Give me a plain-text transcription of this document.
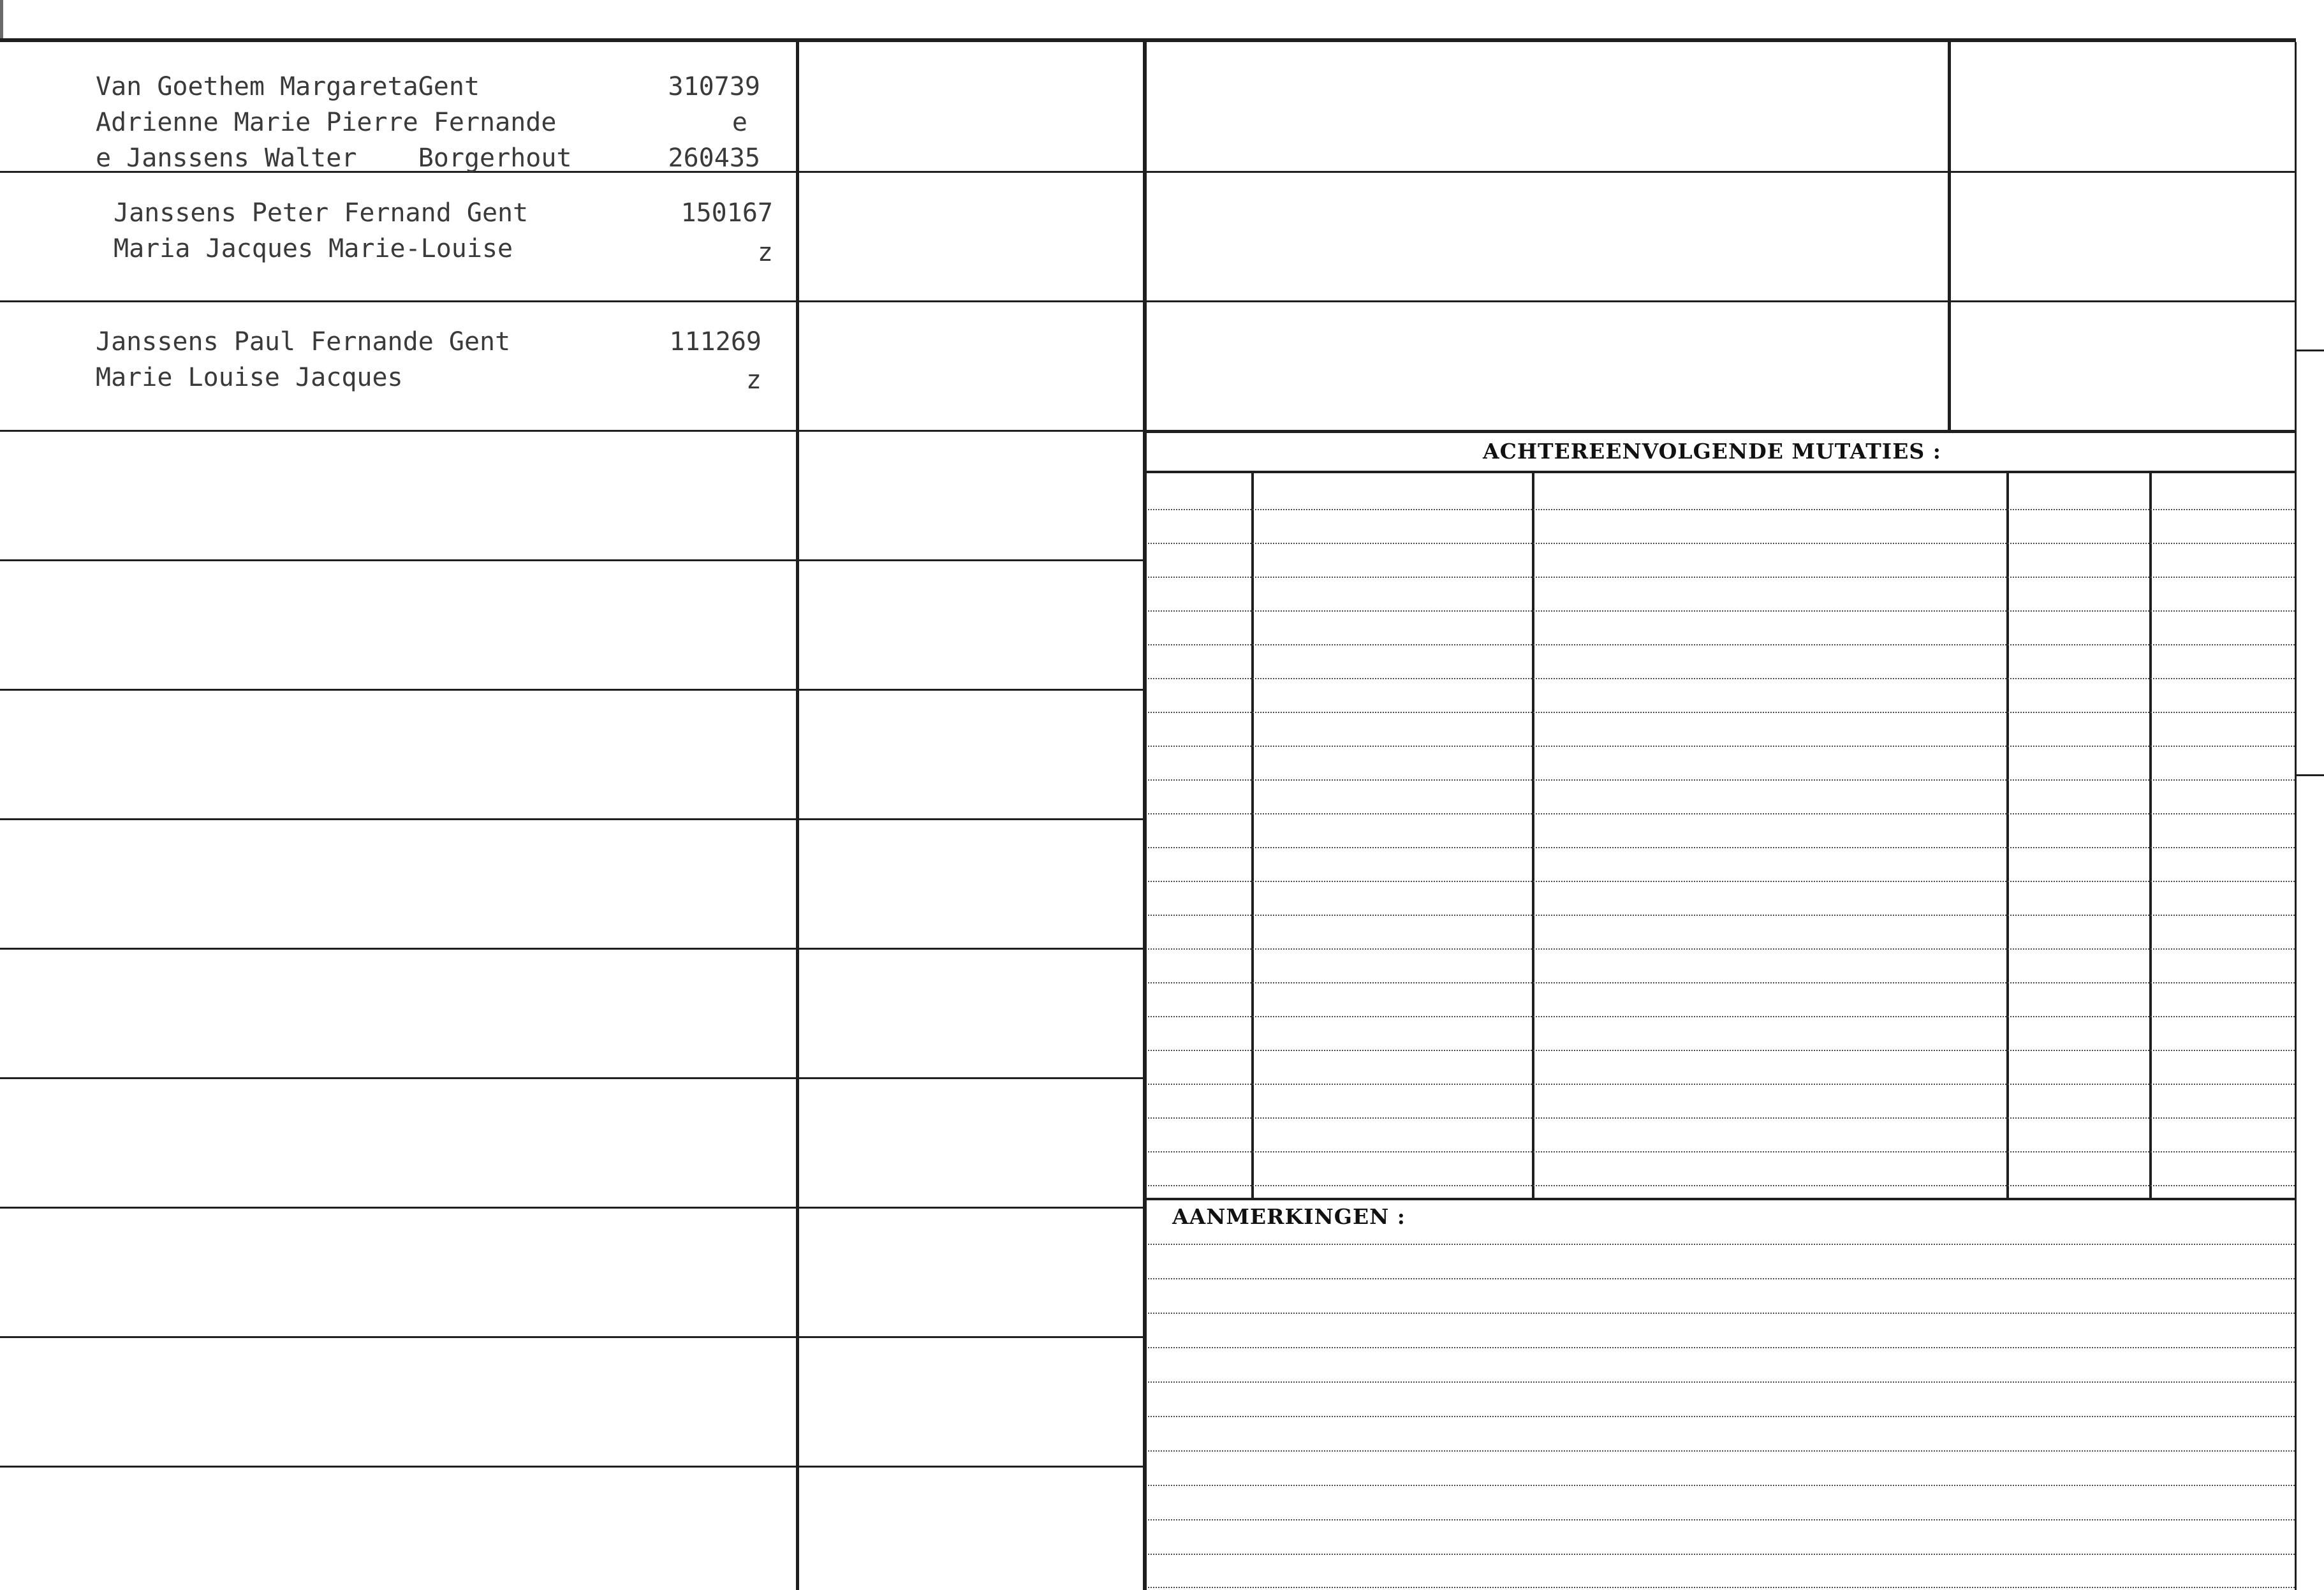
Van Goethem MargaretaGent
Adrienne Marie Pierre Fernande
e Janssens Walter    Borgerhout
310739
e
260435
Janssens Peter Fernand Gent
Maria Jacques Marie-Louise
150167
z
Janssens Paul Fernande Gent
Marie Louise Jacques
111269
z
ACHTEREENVOLGENDE MUTATIES :
AANMERKINGEN :
